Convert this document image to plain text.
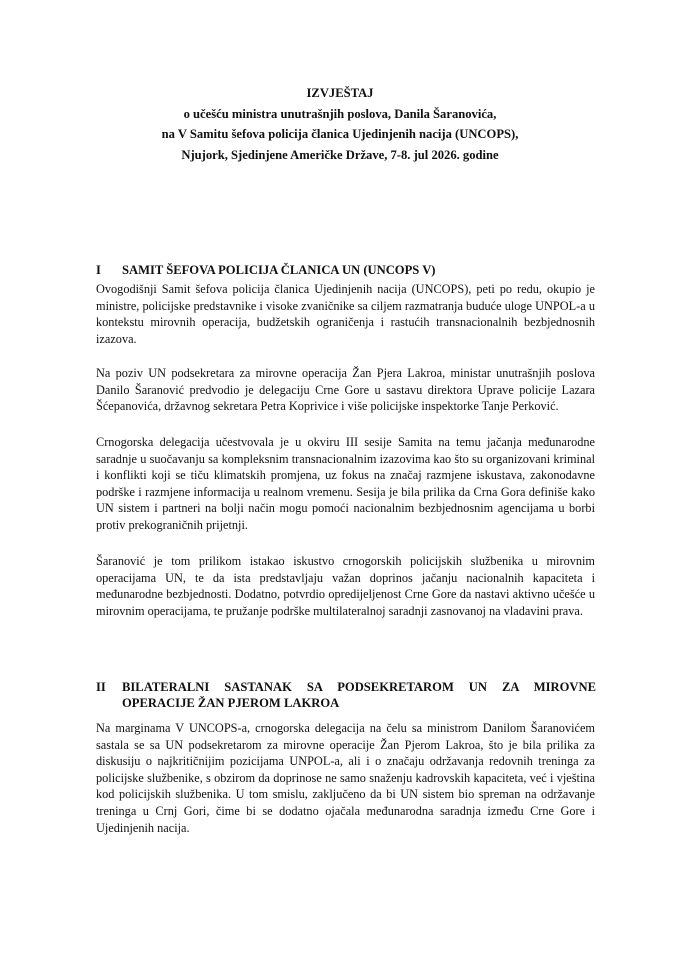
IZVJEŠTAJ
o učešću ministra unutrašnjih poslova, Danila Šaranovića,
na V Samitu šefova policija članica Ujedinjenih nacija (UNCOPS),
Njujork, Sjedinjene Američke Države, 7-8. jul 2026. godine
I SAMIT ŠEFOVA POLICIJA ČLANICA UN (UNCOPS V)

Ovogodišnji Samit šefova policija članica Ujedinjenih nacija (UNCOPS), peti po redu, okupio je ministre, policijske predstavnike i visoke zvaničnike sa ciljem razmatranja buduće uloge UNPOL-a u kontekstu mirovnih operacija, budžetskih ograničenja i rastućih transnacionalnih bezbjednosnih izazova.

Na poziv UN podsekretara za mirovne operacija Žan Pjera Lakroa, ministar unutrašnjih poslova Danilo Šaranović predvodio je delegaciju Crne Gore u sastavu direktora Uprave policije Lazara Šćepanovića, državnog sekretara Petra Koprivice i više policijske inspektorke Tanje Perković.

Crnogorska delegacija učestvovala je u okviru III sesije Samita na temu jačanja međunarodne saradnje u suočavanju sa kompleksnim transnacionalnim izazovima kao što su organizovani kriminal i konflikti koji se tiču klimatskih promjena, uz fokus na značaj razmjene iskustava, zakonodavne podrške i razmjene informacija u realnom vremenu. Sesija je bila prilika da Crna Gora definiše kako UN sistem i partneri na bolji način mogu pomoći nacionalnim bezbjednosnim agencijama u borbi protiv prekograničnih prijetnji.

Šaranović je tom prilikom istakao iskustvo crnogorskih policijskih službenika u mirovnim operacijama UN, te da ista predstavljaju važan doprinos jačanju nacionalnih kapaciteta i međunarodne bezbjednosti. Dodatno, potvrdio opredijeljenost Crne Gore da nastavi aktivno učešće u mirovnim operacijama, te pružanje podrške multilateralnoj saradnji zasnovanoj na vladavini prava.

II BILATERALNI SASTANAK SA PODSEKRETAROM UN ZA MIROVNE
OPERACIJE ŽAN PJEROM LAKROA

Na marginama V UNCOPS-a, crnogorska delegacija na čelu sa ministrom Danilom Šaranovićem sastala se sa UN podsekretarom za mirovne operacije Žan Pjerom Lakroa, što je bila prilika za diskusiju o najkritičnijim pozicijama UNPOL-a, ali i o značaju održavanja redovnih treninga za policijske službenike, s obzirom da doprinose ne samo snaženju kadrovskih kapaciteta, već i vještina kod policijskih službenika. U tom smislu, zaključeno da bi UN sistem bio spreman na održavanje treninga u Crnj Gori, čime bi se dodatno ojačala međunarodna saradnja između Crne Gore i Ujedinjenih nacija.
